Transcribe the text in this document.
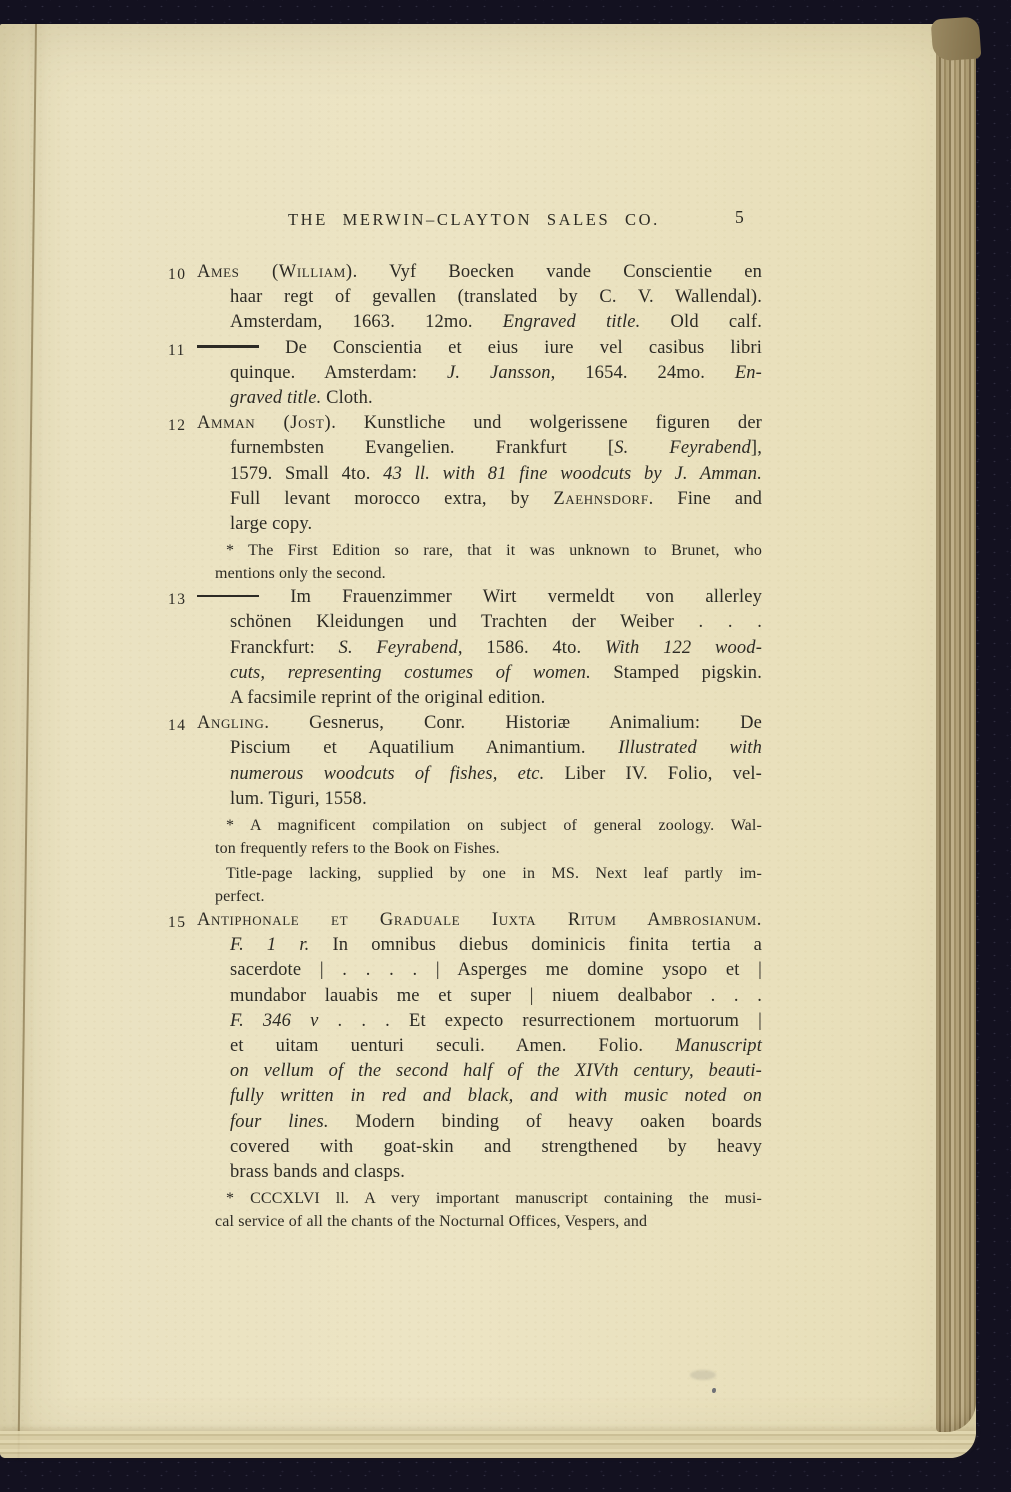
THE MERWIN–CLAYTON SALES CO.	5
10 Ames (William). Vyf Boecken vande Conscientie en
haar regt of gevallen (translated by C. V. Wallendal).
Amsterdam, 1663. 12mo. Engraved title. Old calf.
11	De Conscientia et eius iure vel casibus libri
quinque. Amsterdam: J. Jansson, 1654. 24mo. En-
graved title. Cloth.
12 Amman (Jost). Kunstliche und wolgerissene figuren der
furnembsten Evangelien. Frankfurt [S. Feyrabend],
1579. Small 4to. 43 ll. with 81 fine woodcuts by J. Amman.
Full levant morocco extra, by Zaehnsdorf. Fine and
large copy.
* The First Edition so rare, that it was unknown to Brunet, who
mentions only the second.
13	Im Frauenzimmer Wirt vermeldt von allerley
schönen Kleidungen und Trachten der Weiber . . .
Franckfurt: S. Feyrabend, 1586. 4to. With 122 wood-
cuts, representing costumes of women. Stamped pigskin.
A facsimile reprint of the original edition.
14 Angling. Gesnerus, Conr. Historiæ Animalium: De
Piscium et Aquatilium Animantium. Illustrated with
numerous woodcuts of fishes, etc. Liber IV. Folio, vel-
lum. Tiguri, 1558.
* A magnificent compilation on subject of general zoology. Wal-
ton frequently refers to the Book on Fishes.
Title-page lacking, supplied by one in MS. Next leaf partly im-
perfect.
15 Antiphonale et Graduale Iuxta Ritum Ambrosianum.
F. 1 r. In omnibus diebus dominicis finita tertia a
sacerdote | . . . . | Asperges me domine ysopo et |
mundabor lauabis me et super | niuem dealbabor . . .
F. 346 v . . . Et expecto resurrectionem mortuorum |
et uitam uenturi seculi. Amen. Folio. Manuscript
on vellum of the second half of the XIVth century, beauti-
fully written in red and black, and with music noted on
four lines. Modern binding of heavy oaken boards
covered with goat-skin and strengthened by heavy
brass bands and clasps.
* CCCXLVI ll. A very important manuscript containing the musi-
cal service of all the chants of the Nocturnal Offices, Vespers, and
